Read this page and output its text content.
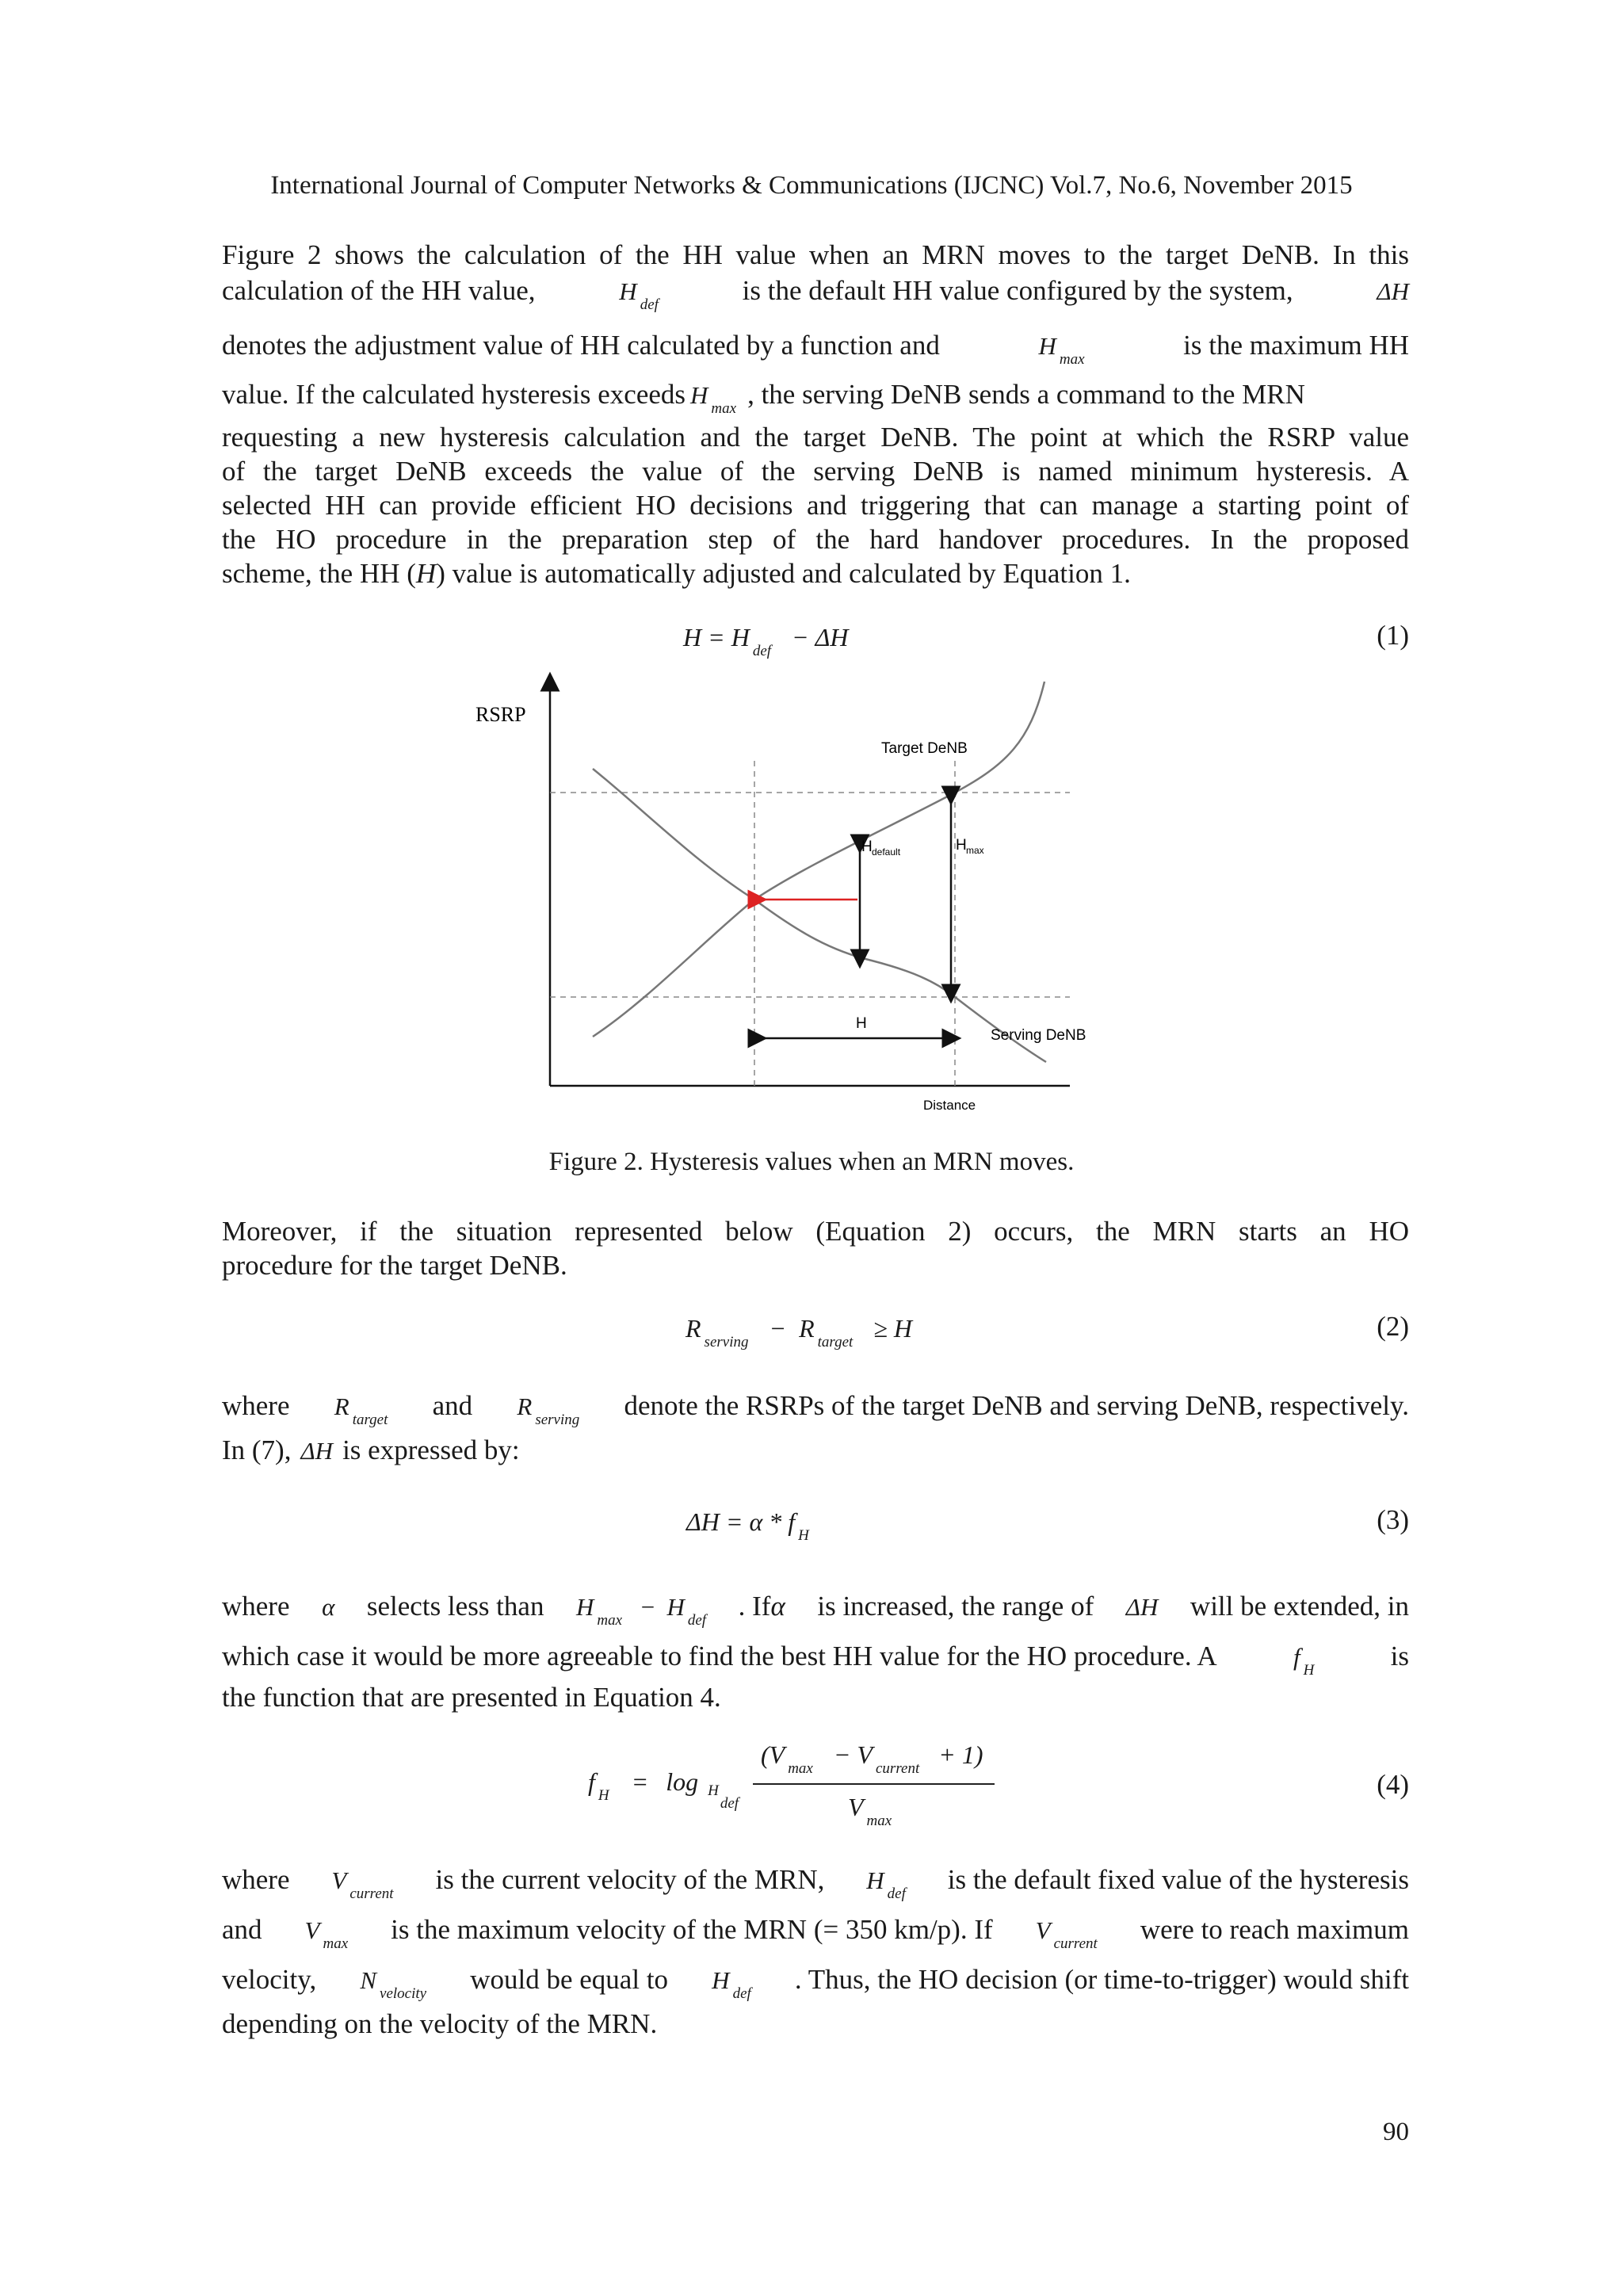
International Journal of Computer Networks & Communications (IJCNC) Vol.7, No.6, November 2015
Figure 2 shows the calculation of the HH value when an MRN moves to the target DeNB. In this
calculation of the HH value,	H $_{def}$	is the default HH value configured by the system,	ΔH
denotes the adjustment value of HH calculated by a function and	H $_{max}$	is the maximum HH
value. If the calculated hysteresis exceeds H $_{max}$ , the serving DeNB sends a command to the MRN
requesting a new hysteresis calculation and the target DeNB. The point at which the RSRP value
of the target DeNB exceeds the value of the serving DeNB is named minimum hysteresis. A
selected HH can provide efficient HO decisions and triggering that can manage a starting point of
the HO procedure in the preparation step of the hard handover procedures. In the proposed
scheme, the HH (H) value is automatically adjusted and calculated by Equation 1.
H = H $_{def}$ − ΔH	(1)
RSRP
Distance
Target DeNB
H default	H max
H
Serving DeNB
Figure 2. Hysteresis values when an MRN moves.
Moreover, if the situation represented below (Equation 2) occurs, the MRN starts an HO
procedure for the target DeNB.
R $_{serving}$ − R $_{target}$ ≥ H	(2)
where R $_{target}$ and R $_{serving}$ denote the RSRPs of the target DeNB and serving DeNB, respectively.
In (7), ΔH is expressed by:
ΔH = α * f $_H$
(3)
where α selects less than H $_{max}$ − H $_{def}$ . Ifα is increased, the range of ΔH will be extended, in
which case it would be more agreeable to find the best HH value for the HO procedure. A	f $_H$	is
the function that are presented in Equation 4.
f $_H = \log H_{def}$
(V $_{max}$ − V $_{current}$ + 1)
V $_{max}$
(4)
where V $_{current}$ is the current velocity of the MRN, H $_{def}$ is the default fixed value of the hysteresis
and V $_{max}$ is the maximum velocity of the MRN (= 350 km/p). If V $_{current}$ were to reach maximum
velocity, N $_{velocity}$ would be equal to H $_{def}$ . Thus, the HO decision (or time-to-trigger) would shift
depending on the velocity of the MRN.
90
